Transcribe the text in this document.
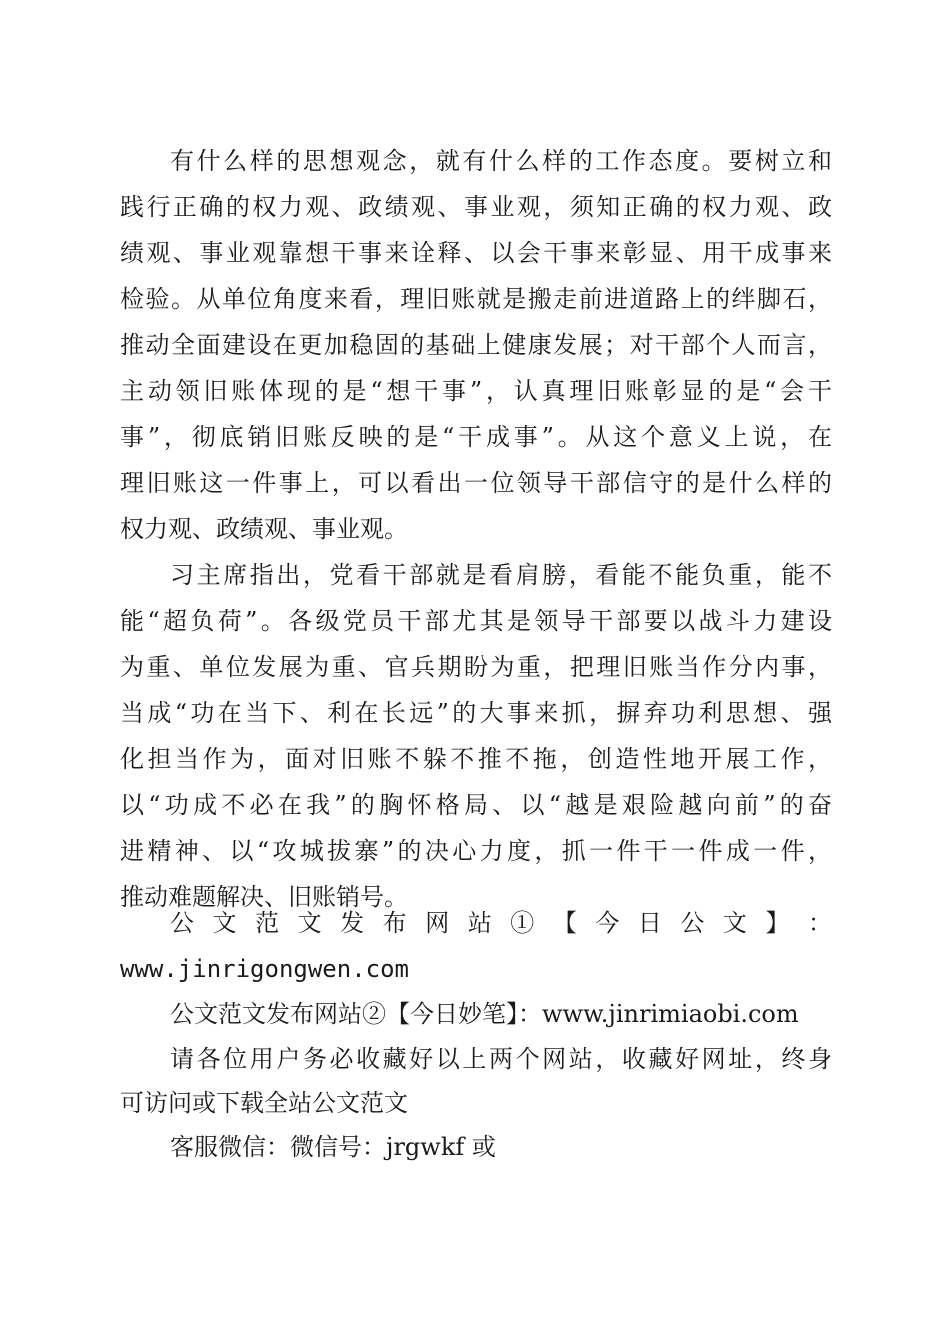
有什么样的思想观念，就有什么样的工作态度。要树立和

践行正确的权力观、政绩观、事业观，须知正确的权力观、政

绩观、事业观靠想干事来诠释、以会干事来彰显、用干成事来

检验。从单位角度来看，理旧账就是搬走前进道路上的绊脚石，

推动全面建设在更加稳固的基础上健康发展；对干部个人而言，

主动领旧账体现的是“想干事”，认真理旧账彰显的是“会干

事”，彻底销旧账反映的是“干成事”。从这个意义上说，在

理旧账这一件事上，可以看出一位领导干部信守的是什么样的

权力观、政绩观、事业观。

习主席指出，党看干部就是看肩膀，看能不能负重，能不

能“超负荷”。各级党员干部尤其是领导干部要以战斗力建设

为重、单位发展为重、官兵期盼为重，把理旧账当作分内事，

当成“功在当下、利在长远”的大事来抓，摒弃功利思想、强

化担当作为，面对旧账不躲不推不拖，创造性地开展工作，

以“功成不必在我”的胸怀格局、以“越是艰险越向前”的奋

进精神、以“攻城拔寨”的决心力度，抓一件干一件成一件，

推动难题解决、旧账销号。

公 文 范 文 发 布 网 站 ① 【 今 日 公 文 】 ：

www.jinrigongwen.com

公文范文发布网站②【今日妙笔】：www.jinrimiaobi.com

请各位用户务必收藏好以上两个网站，收藏好网址，终身

可访问或下载全站公文范文

客服微信：微信号：jrgwkf 或
